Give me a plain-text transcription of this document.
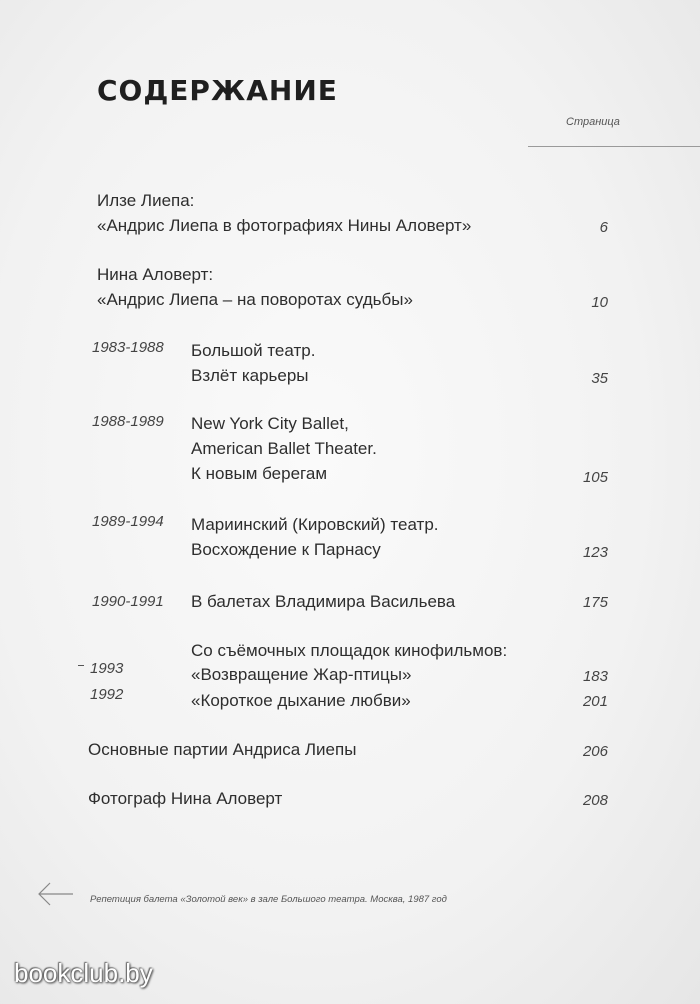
СОДЕРЖАНИЕ
Страница
Илзе Лиепа:
«Андрис Лиепа в фотографиях Нины Аловерт»	6
Нина Аловерт:
«Андрис Лиепа – на поворотах судьбы»	10
1983-1988 Большой театр.
Взлёт карьеры	35
1988-1989 New York City Ballet,
American Ballet Theater.
К новым берегам	105
1989-1994 Мариинский (Кировский) театр.
Восхождение к Парнасу	123
1990-1991 В балетах Владимира Васильева	175
Со съёмочных площадок кинофильмов:
1993	«Возвращение Жар-птицы»	183
1992	«Короткое дыхание любви»	201
Основные партии Андриса Лиепы	206
Фотограф Нина Аловерт	208
Репетиция балета «Золотой век» в зале Большого театра. Москва, 1987 год
bookclub.by
